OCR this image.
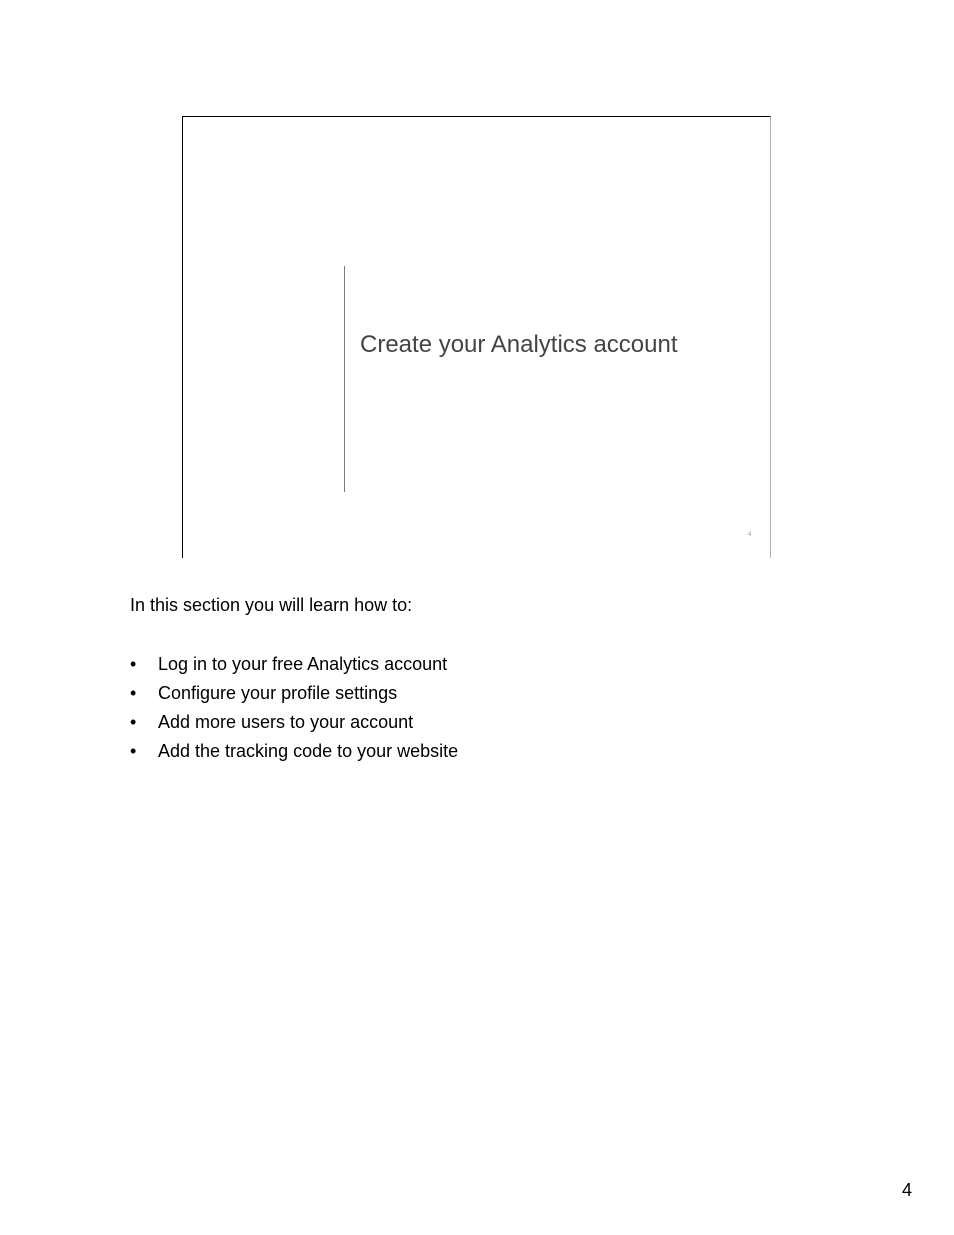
Create your Analytics account
4

In this section you will learn how to:

• Log in to your free Analytics account
• Configure your profile settings
• Add more users to your account
• Add the tracking code to your website
4
